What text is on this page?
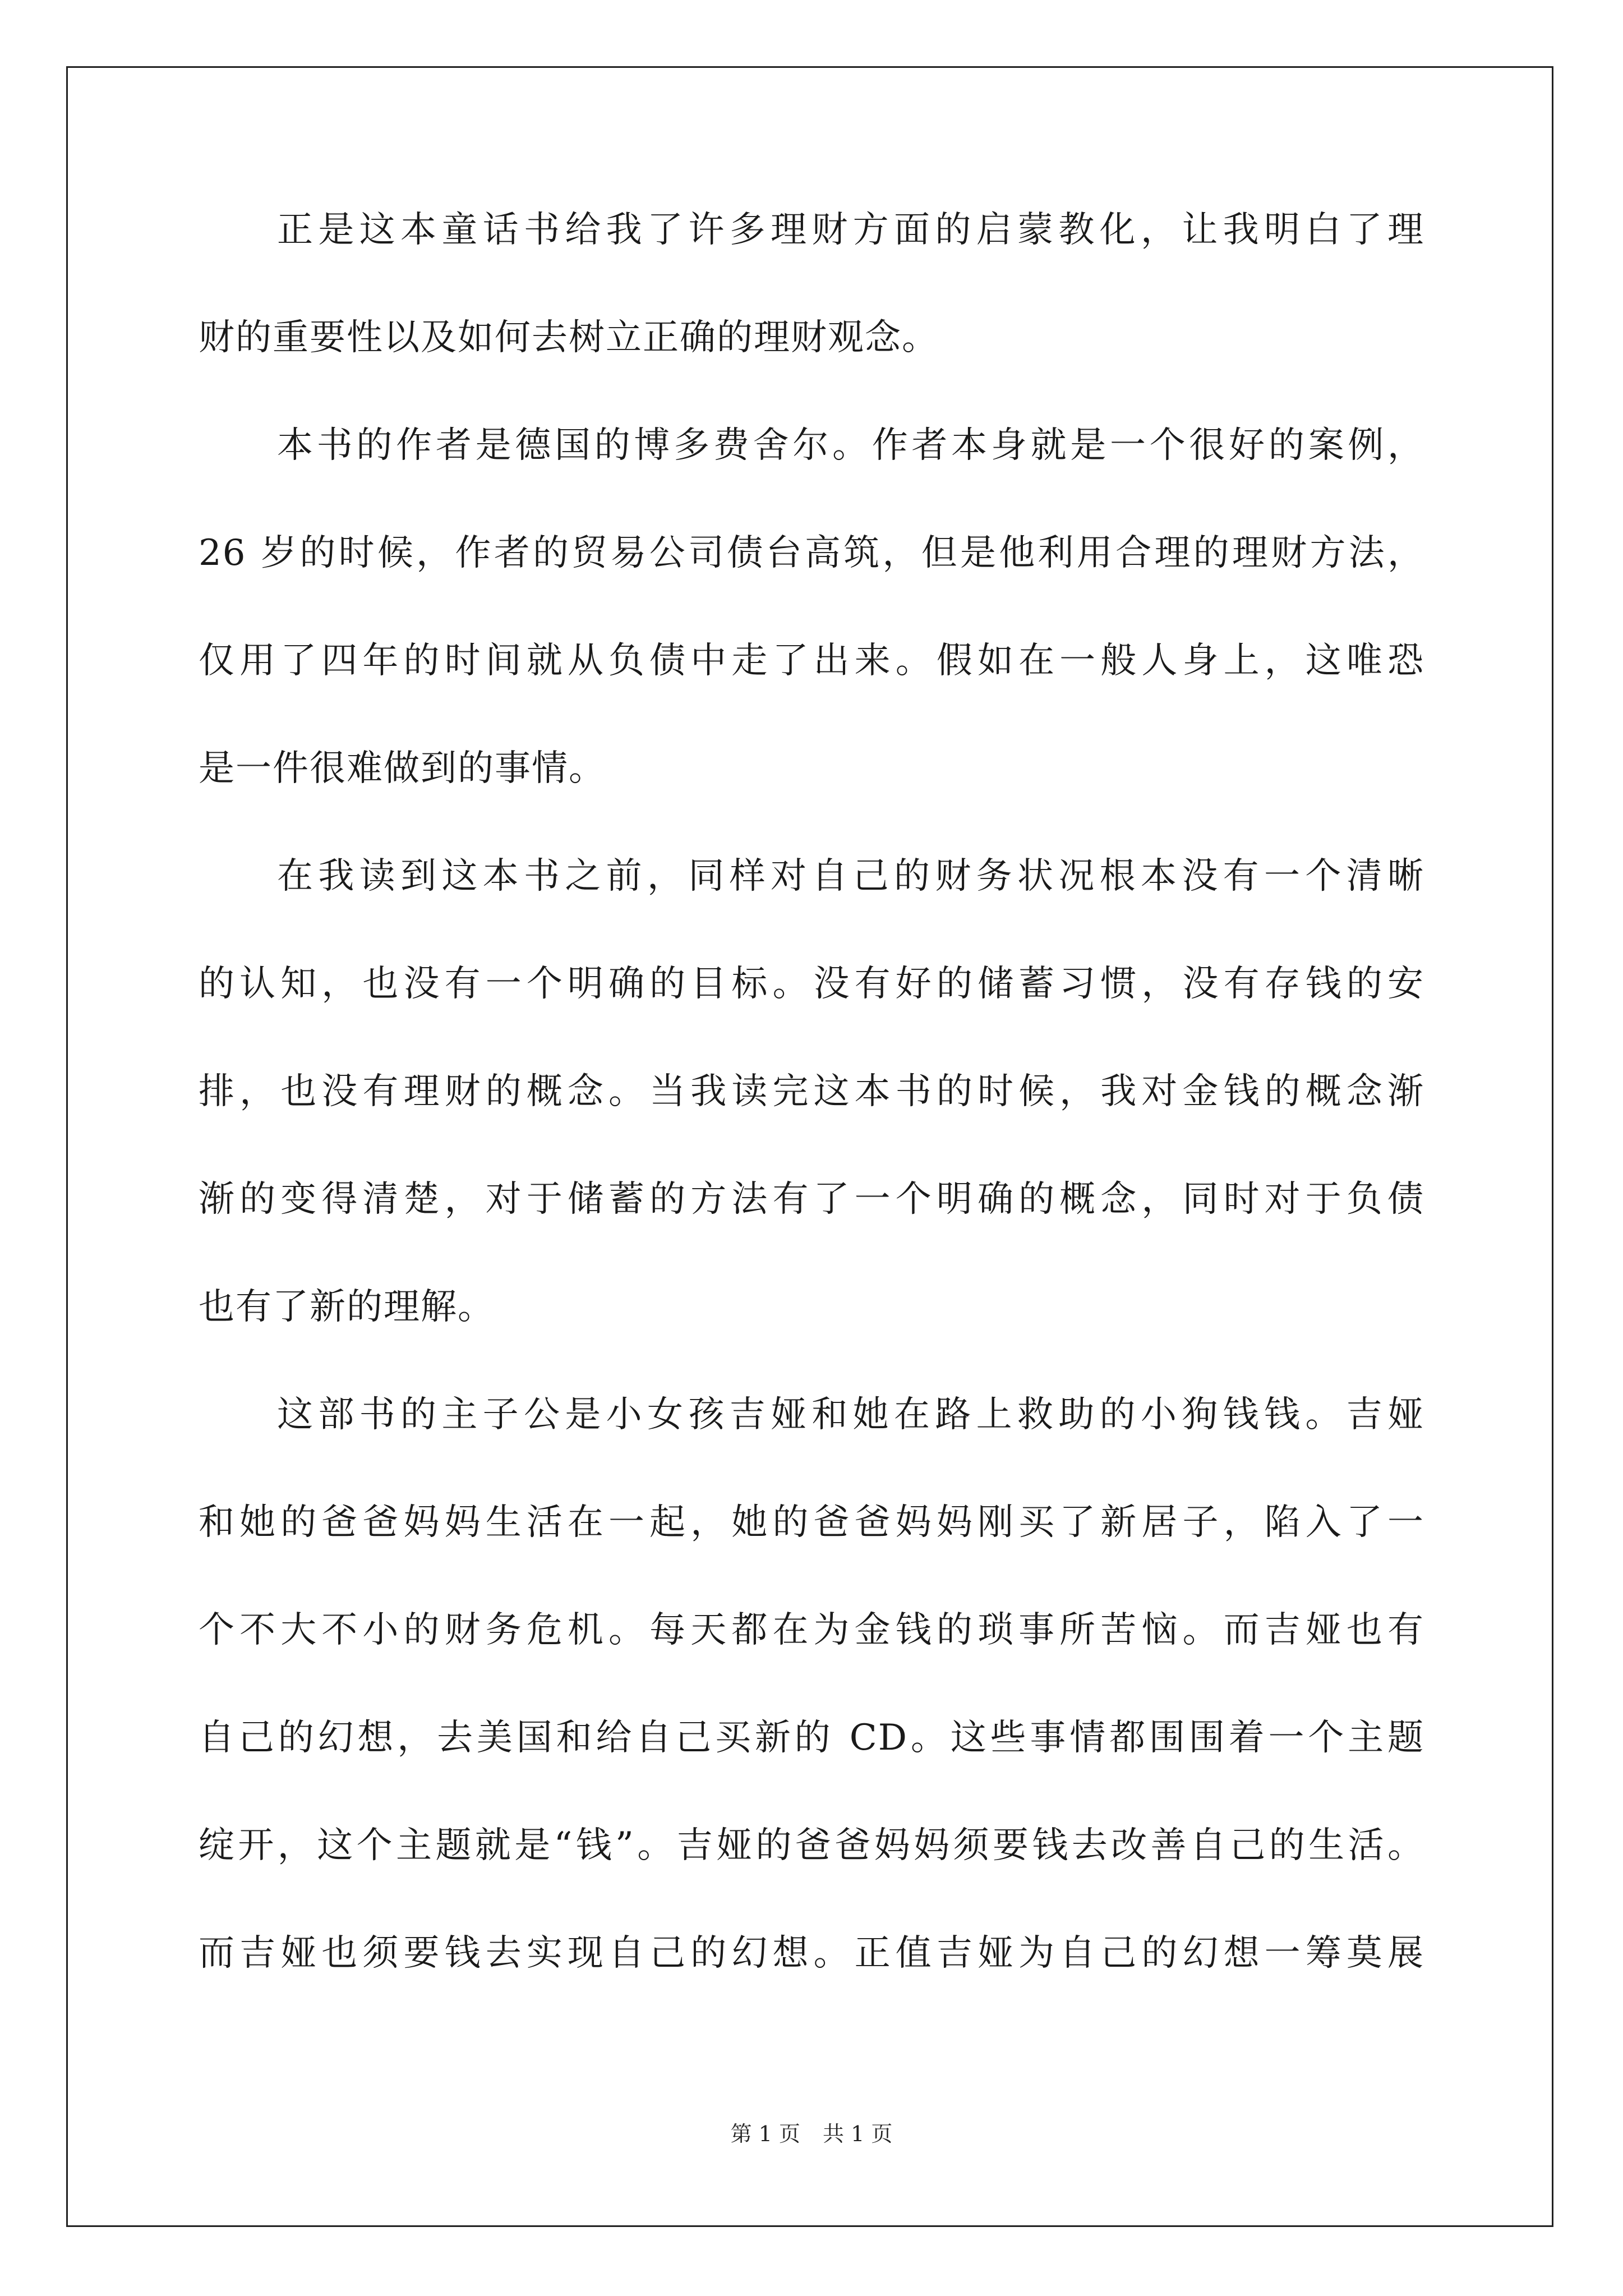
正是这本童话书给我了许多理财方面的启蒙教化，让我明白了理
财的重要性以及如何去树立正确的理财观念。
本书的作者是德国的博多费舍尔。作者本身就是一个很好的案例，
26 岁的时候，作者的贸易公司债台高筑，但是他利用合理的理财方法，
仅用了四年的时间就从负债中走了出来。假如在一般人身上，这唯恐
是一件很难做到的事情。
在我读到这本书之前，同样对自己的财务状况根本没有一个清晰
的认知，也没有一个明确的目标。没有好的储蓄习惯，没有存钱的安
排，也没有理财的概念。当我读完这本书的时候，我对金钱的概念渐
渐的变得清楚，对于储蓄的方法有了一个明确的概念，同时对于负债
也有了新的理解。
这部书的主子公是小女孩吉娅和她在路上救助的小狗钱钱。吉娅
和她的爸爸妈妈生活在一起，她的爸爸妈妈刚买了新居子，陷入了一
个不大不小的财务危机。每天都在为金钱的琐事所苦恼。而吉娅也有
自己的幻想，去美国和给自己买新的 CD。这些事情都围围着一个主题
绽开，这个主题就是“钱”。吉娅的爸爸妈妈须要钱去改善自己的生活。
而吉娅也须要钱去实现自己的幻想。正值吉娅为自己的幻想一筹莫展
第 1 页 共 1 页
